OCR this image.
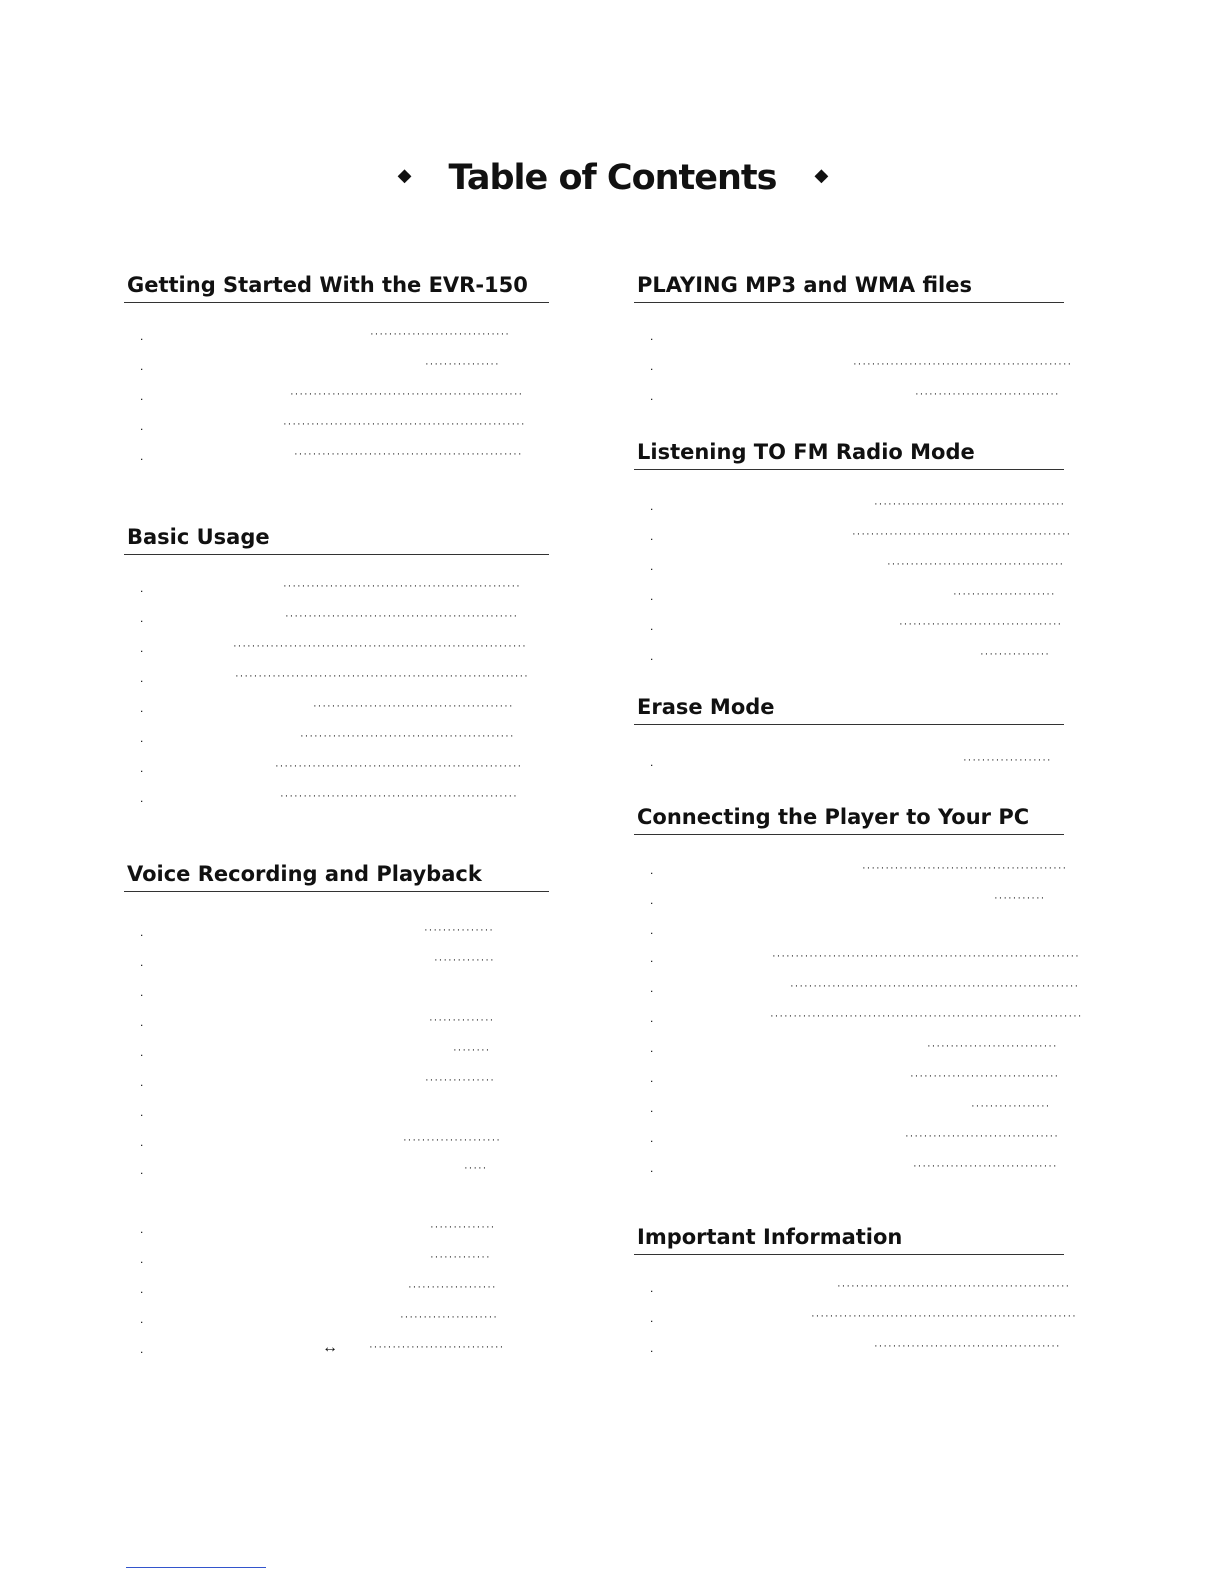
◆ Table of Contents ◆
Getting Started With the EVR-150
.	······························
.	················
.	··················································
.	····················································
.	·················································
Basic Usage
.	···················································
.	··················································
.	·······························································
.	·······························································
.	···········································
.	··············································
.	·····················································
.	···················································
Voice Recording and Playback
.	···············
.	·············
.
.	··············
.	········
.	···············
.
.	·····················
.	·····
.	··············
.	·············
.	···················
.	·····················
.	·····························
↔
PLAYING MP3 and WMA files
.
.	···············································
.	·······························
Listening TO FM Radio Mode
.	·········································
.	···············································
.	······································
.	······················
.	···································
.	···············
Erase Mode
.	···················
Connecting the Player to Your PC
.	············································
.	···········
.
.	··································································
.	······························································
.	···································································
.	····························
.	································
.	·················
.	·································
.	·······························
Important Information
.	··················································
.	·························································
.	········································
